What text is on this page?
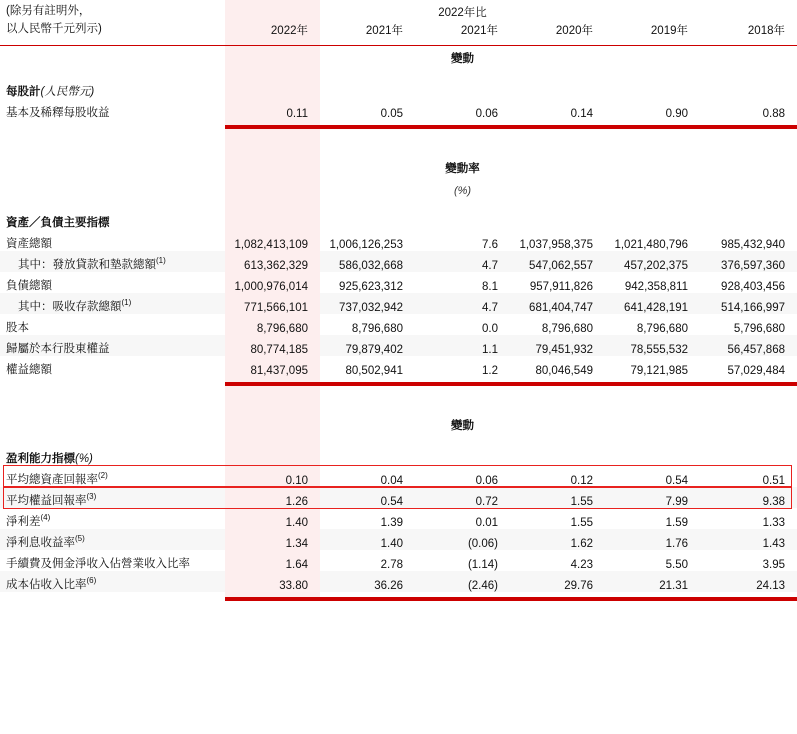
(除另有註明外，			2022年比			
以人民幣千元列示)	2022年	2021年	2021年	2020年	2019年	2018年

			變動			

每股計(人民幣元)						
基本及稀釋每股收益	0.11	0.05	0.06	0.14	0.90	0.88

			變動率			
			(%)			

資產／負債主要指標						
資產總額	1,082,413,109	1,006,126,253	7.6	1,037,958,375	1,021,480,796	985,432,940
其中：發放貸款和墊款總額$^{(1)}$	613,362,329	586,032,668	4.7	547,062,557	457,202,375	376,597,360
負債總額	1,000,976,014	925,623,312	8.1	957,911,826	942,358,811	928,403,456
其中：吸收存款總額$^{(1)}$	771,566,101	737,032,942	4.7	681,404,747	641,428,191	514,166,997
股本	8,796,680	8,796,680	0.0	8,796,680	8,796,680	5,796,680
歸屬於本行股東權益	80,774,185	79,879,402	1.1	79,451,932	78,555,532	56,457,868
權益總額	81,437,095	80,502,941	1.2	80,046,549	79,121,985	57,029,484

			變動			

盈利能力指標(%)						
平均總資產回報率$^{(2)}$	0.10	0.04	0.06	0.12	0.54	0.51
平均權益回報率$^{(3)}$	1.26	0.54	0.72	1.55	7.99	9.38
淨利差$^{(4)}$	1.40	1.39	0.01	1.55	1.59	1.33
淨利息收益率$^{(5)}$	1.34	1.40	(0.06)	1.62	1.76	1.43
手續費及佣金淨收入佔營業收入比率	1.64	2.78	(1.14)	4.23	5.50	3.95
成本佔收入比率$^{(6)}$	33.80	36.26	(2.46)	29.76	21.31	24.13
